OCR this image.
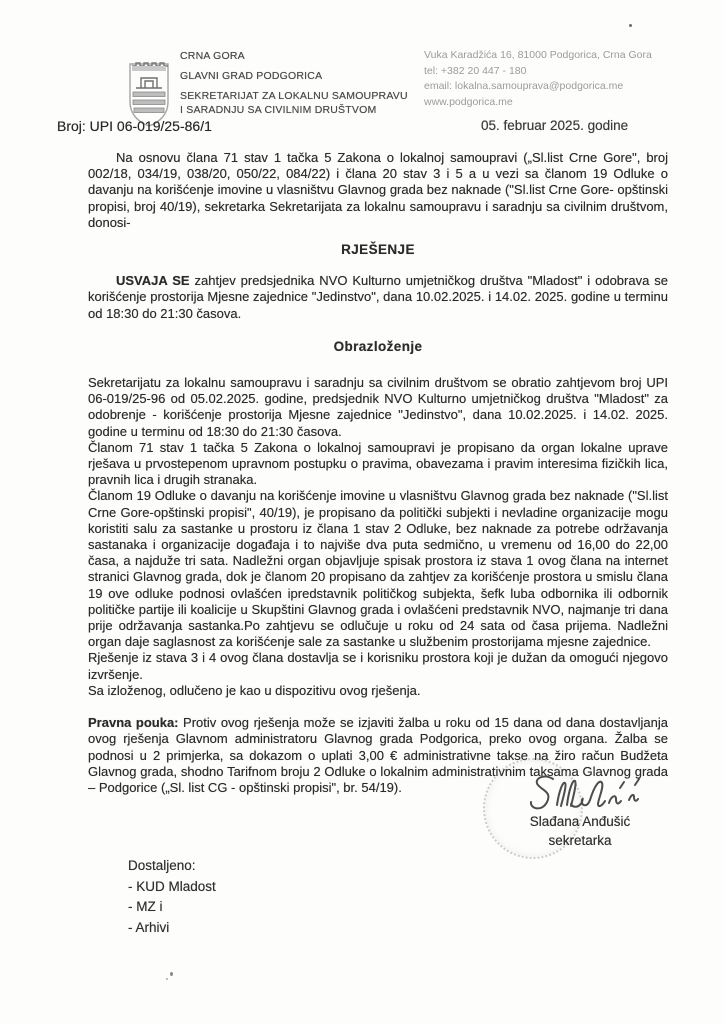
CRNA GORA
GLAVNI GRAD PODGORICA
SEKRETARIJAT ZA LOKALNU SAMOUPRAVU
I SARADNJU SA CIVILNIM DRUŠTVOM
Vuka Karadžića 16, 81000 Podgorica, Crna Gora
tel: +382 20 447 - 180
email: lokalna.samouprava@podgorica.me
www.podgorica.me
Broj: UPI 06-019/25-86/1	05. februar 2025. godine

Na osnovu člana 71 stav 1 tačka 5 Zakona o lokalnoj samoupravi („Sl.list Crne Gore", broj 002/18, 034/19, 038/20, 050/22, 084/22) i člana 20 stav 3 i 5 a u vezi sa članom 19 Odluke o davanju na korišćenje imovine u vlasništvu Glavnog grada bez naknade ("Sl.list Crne Gore- opštinski propisi, broj 40/19), sekretarka Sekretarijata za lokalnu samoupravu i saradnju sa civilnim društvom, donosi-

RJEŠENJE

USVAJA SE zahtjev predsjednika NVO Kulturno umjetničkog društva "Mladost" i odobrava se korišćenje prostorija Mjesne zajednice "Jedinstvo", dana 10.02.2025. i 14.02. 2025. godine u terminu od 18:30 do 21:30 časova.

Obrazloženje

Sekretarijatu za lokalnu samoupravu i saradnju sa civilnim društvom se obratio zahtjevom broj UPI 06-019/25-96 od 05.02.2025. godine, predsjednik NVO Kulturno umjetničkog društva "Mladost" za odobrenje - korišćenje prostorija Mjesne zajednice "Jedinstvo", dana 10.02.2025. i 14.02. 2025. godine u terminu od 18:30 do 21:30 časova.

Članom 71 stav 1 tačka 5 Zakona o lokalnoj samoupravi je propisano da organ lokalne uprave rješava u prvostepenom upravnom postupku o pravima, obavezama i pravim interesima fizičkih lica, pravnih lica i drugih stranaka.

Članom 19 Odluke o davanju na korišćenje imovine u vlasništvu Glavnog grada bez naknade ("Sl.list Crne Gore-opštinski propisi", 40/19), je propisano da politički subjekti i nevladine organizacije mogu koristiti salu za sastanke u prostoru iz člana 1 stav 2 Odluke, bez naknade za potrebe održavanja sastanaka i organizacije događaja i to najviše dva puta sedmično, u vremenu od 16,00 do 22,00 časa, a najduže tri sata. Nadležni organ objavljuje spisak prostora iz stava 1 ovog člana na internet stranici Glavnog grada, dok je članom 20 propisano da zahtjev za korišćenje prostora u smislu člana 19 ove odluke podnosi ovlašćen ipredstavnik političkog subjekta, šefk luba odbornika ili odbornik političke partije ili koalicije u Skupštini Glavnog grada i ovlašćeni predstavnik NVO, najmanje tri dana prije održavanja sastanka.Po zahtjevu se odlučuje u roku od 24 sata od časa prijema. Nadležni organ daje saglasnost za korišćenje sale za sastanke u službenim prostorijama mjesne zajednice.

Rješenje iz stava 3 i 4 ovog člana dostavlja se i korisniku prostora koji je dužan da omogući njegovo izvršenje.

Sa izloženog, odlučeno je kao u dispozitivu ovog rješenja.

Pravna pouka: Protiv ovog rješenja može se izjaviti žalba u roku od 15 dana od dana dostavljanja ovog rješenja Glavnom administratoru Glavnog grada Podgorica, preko ovog organa. Žalba se podnosi u 2 primjerka, sa dokazom o uplati 3,00 € administrativne takse na žiro račun Budžeta Glavnog grada, shodno Tarifnom broju 2 Odluke o lokalnim administrativnim taksama Glavnog grada – Podgorice („Sl. list CG - opštinski propisi", br. 54/19).

Slađana Anđušić
sekretarka
Dostaljeno:
- KUD Mladost
- MZ i
- Arhivi
